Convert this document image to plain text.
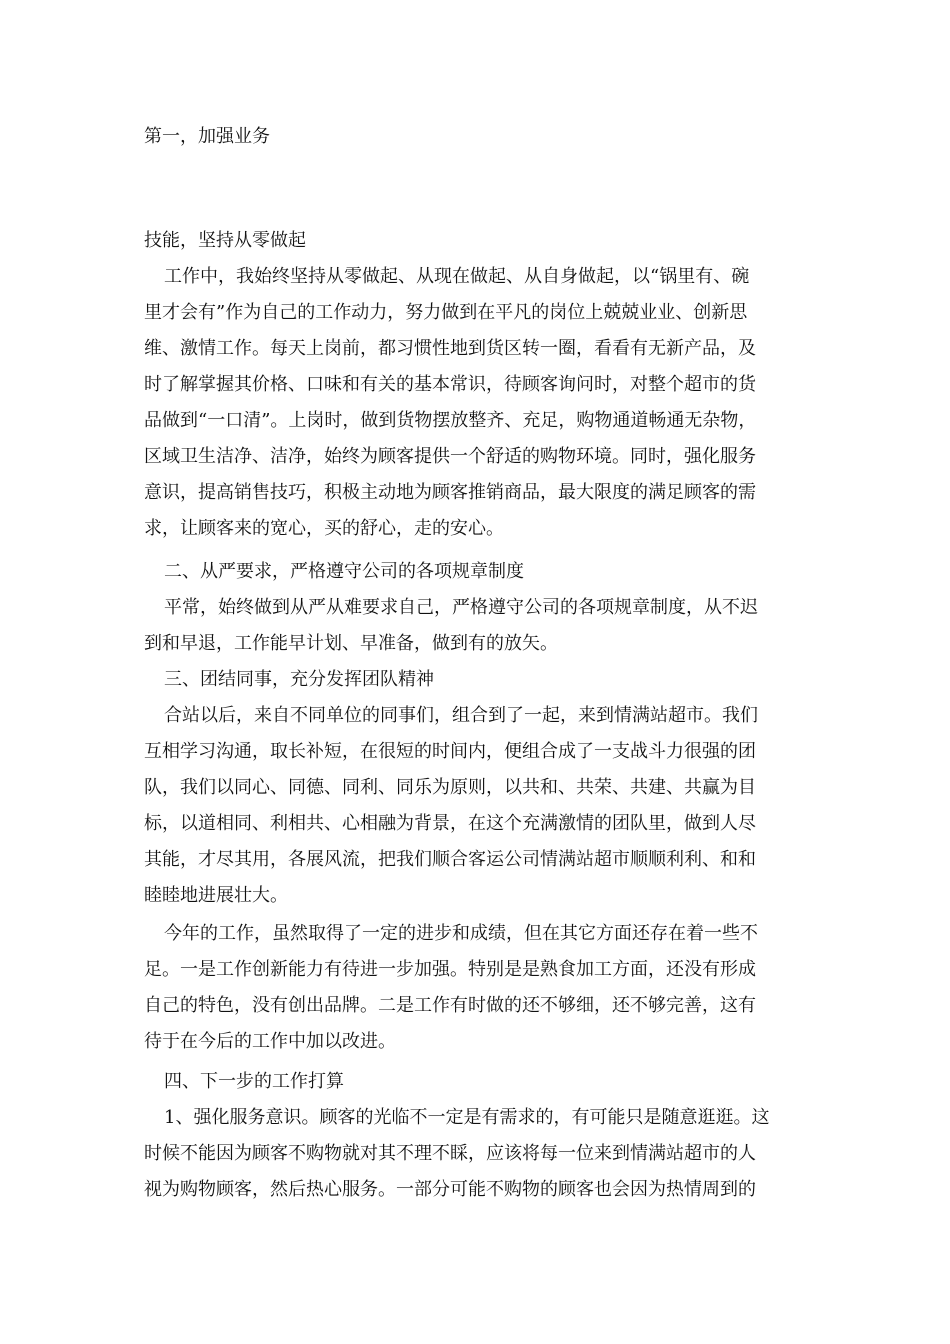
第一，加强业务
技能，坚持从零做起
工作中，我始终坚持从零做起、从现在做起、从自身做起，以“锅里有、碗
里才会有”作为自己的工作动力，努力做到在平凡的岗位上兢兢业业、创新思
维、激情工作。每天上岗前，都习惯性地到货区转一圈，看看有无新产品，及
时了解掌握其价格、口味和有关的基本常识，待顾客询问时，对整个超市的货
品做到“一口清”。上岗时，做到货物摆放整齐、充足，购物通道畅通无杂物，
区域卫生洁净、洁净，始终为顾客提供一个舒适的购物环境。同时，强化服务
意识，提高销售技巧，积极主动地为顾客推销商品，最大限度的满足顾客的需
求，让顾客来的宽心，买的舒心，走的安心。
二、从严要求，严格遵守公司的各项规章制度
平常，始终做到从严从难要求自己，严格遵守公司的各项规章制度，从不迟
到和早退，工作能早计划、早准备，做到有的放矢。
三、团结同事，充分发挥团队精神
合站以后，来自不同单位的同事们，组合到了一起，来到情满站超市。我们
互相学习沟通，取长补短，在很短的时间内，便组合成了一支战斗力很强的团
队，我们以同心、同德、同利、同乐为原则，以共和、共荣、共建、共赢为目
标，以道相同、利相共、心相融为背景，在这个充满激情的团队里，做到人尽
其能，才尽其用，各展风流，把我们顺合客运公司情满站超市顺顺利利、和和
睦睦地进展壮大。
今年的工作，虽然取得了一定的进步和成绩，但在其它方面还存在着一些不
足。一是工作创新能力有待进一步加强。特别是是熟食加工方面，还没有形成
自己的特色，没有创出品牌。二是工作有时做的还不够细，还不够完善，这有
待于在今后的工作中加以改进。
四、下一步的工作打算
1、强化服务意识。顾客的光临不一定是有需求的，有可能只是随意逛逛。这
时候不能因为顾客不购物就对其不理不睬，应该将每一位来到情满站超市的人
视为购物顾客，然后热心服务。一部分可能不购物的顾客也会因为热情周到的
